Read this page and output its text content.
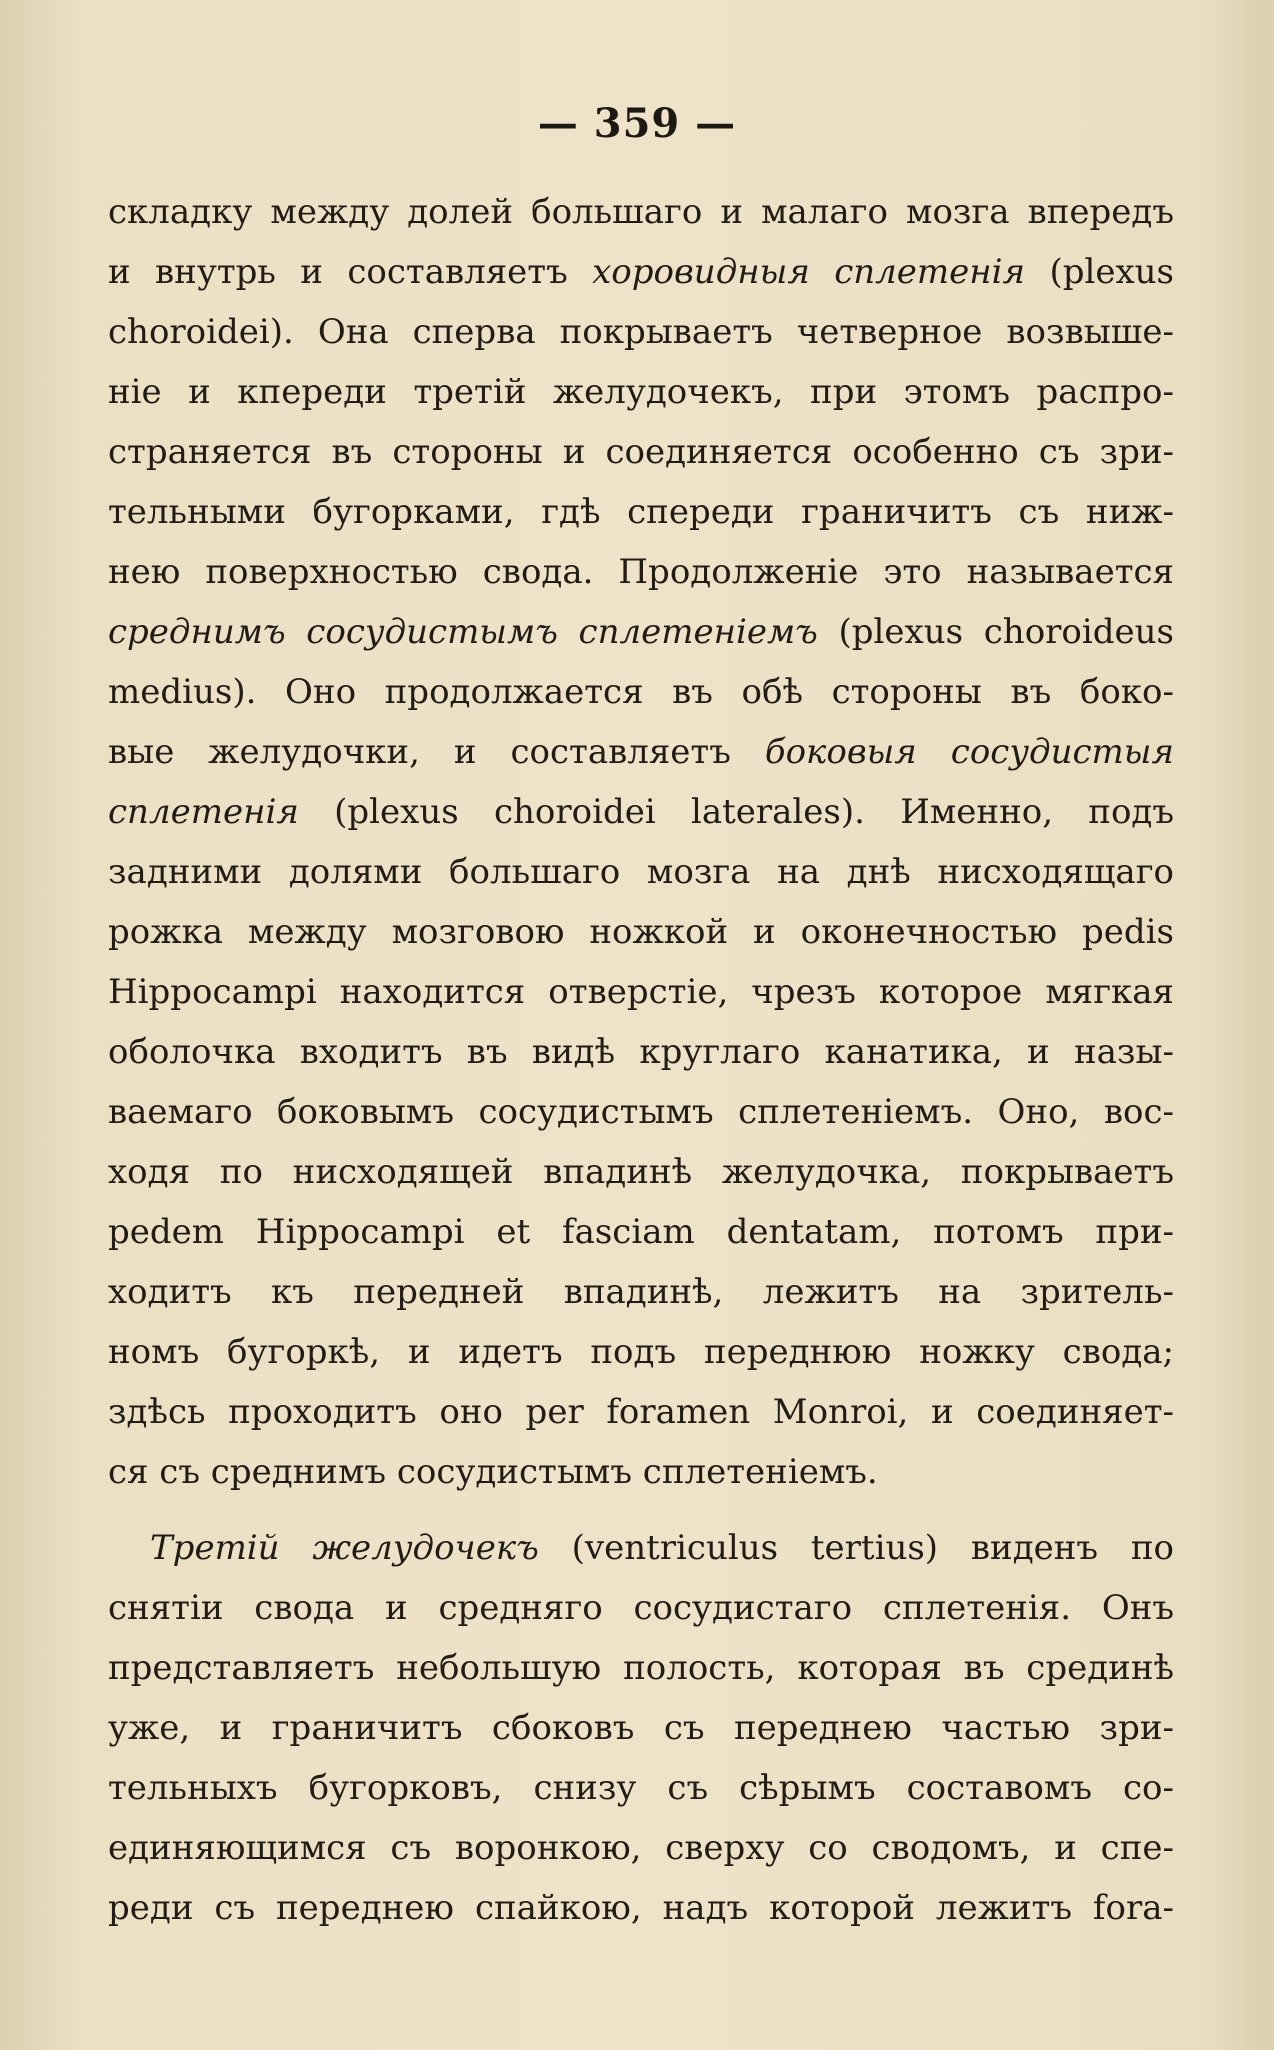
— 359 —
складку между долей большаго и малаго мозга впередъ
и внутрь и составляетъ хоровидныя сплетенія (plexus
choroidei). Она сперва покрываетъ четверное возвыше-
ніе и кпереди третій желудочекъ, при этомъ распро-
страняется въ стороны и соединяется особенно съ зри-
тельными бугорками, гдѣ спереди граничитъ съ ниж-
нею поверхностью свода. Продолженіе это называется
среднимъ сосудистымъ сплетеніемъ (plexus choroideus
medius). Оно продолжается въ обѣ стороны въ боко-
вые желудочки, и составляетъ боковыя сосудистыя
сплетенія (plexus choroidei laterales). Именно, подъ
задними долями большаго мозга на днѣ нисходящаго
рожка между мозговою ножкой и оконечностью pedis
Hippocampi находится отверстіе, чрезъ которое мягкая
оболочка входитъ въ видѣ круглаго канатика, и назы-
ваемаго боковымъ сосудистымъ сплетеніемъ. Оно, вос-
ходя по нисходящей впадинѣ желудочка, покрываетъ
pedem Hippocampi et fasciam dentatam, потомъ при-
ходитъ къ передней впадинѣ, лежитъ на зритель-
номъ бугоркѣ, и идетъ подъ переднюю ножку свода;
здѣсь проходитъ оно per foramen Monroi, и соединяет-
ся съ среднимъ сосудистымъ сплетеніемъ.
Третій желудочекъ (ventriculus tertius) виденъ по
снятіи свода и средняго сосудистаго сплетенія. Онъ
представляетъ небольшую полость, которая въ срединѣ
уже, и граничитъ сбоковъ съ переднею частью зри-
тельныхъ бугорковъ, снизу съ сѣрымъ составомъ со-
единяющимся съ воронкою, сверху со сводомъ, и спе-
реди съ переднею спайкою, надъ которой лежитъ fora-
